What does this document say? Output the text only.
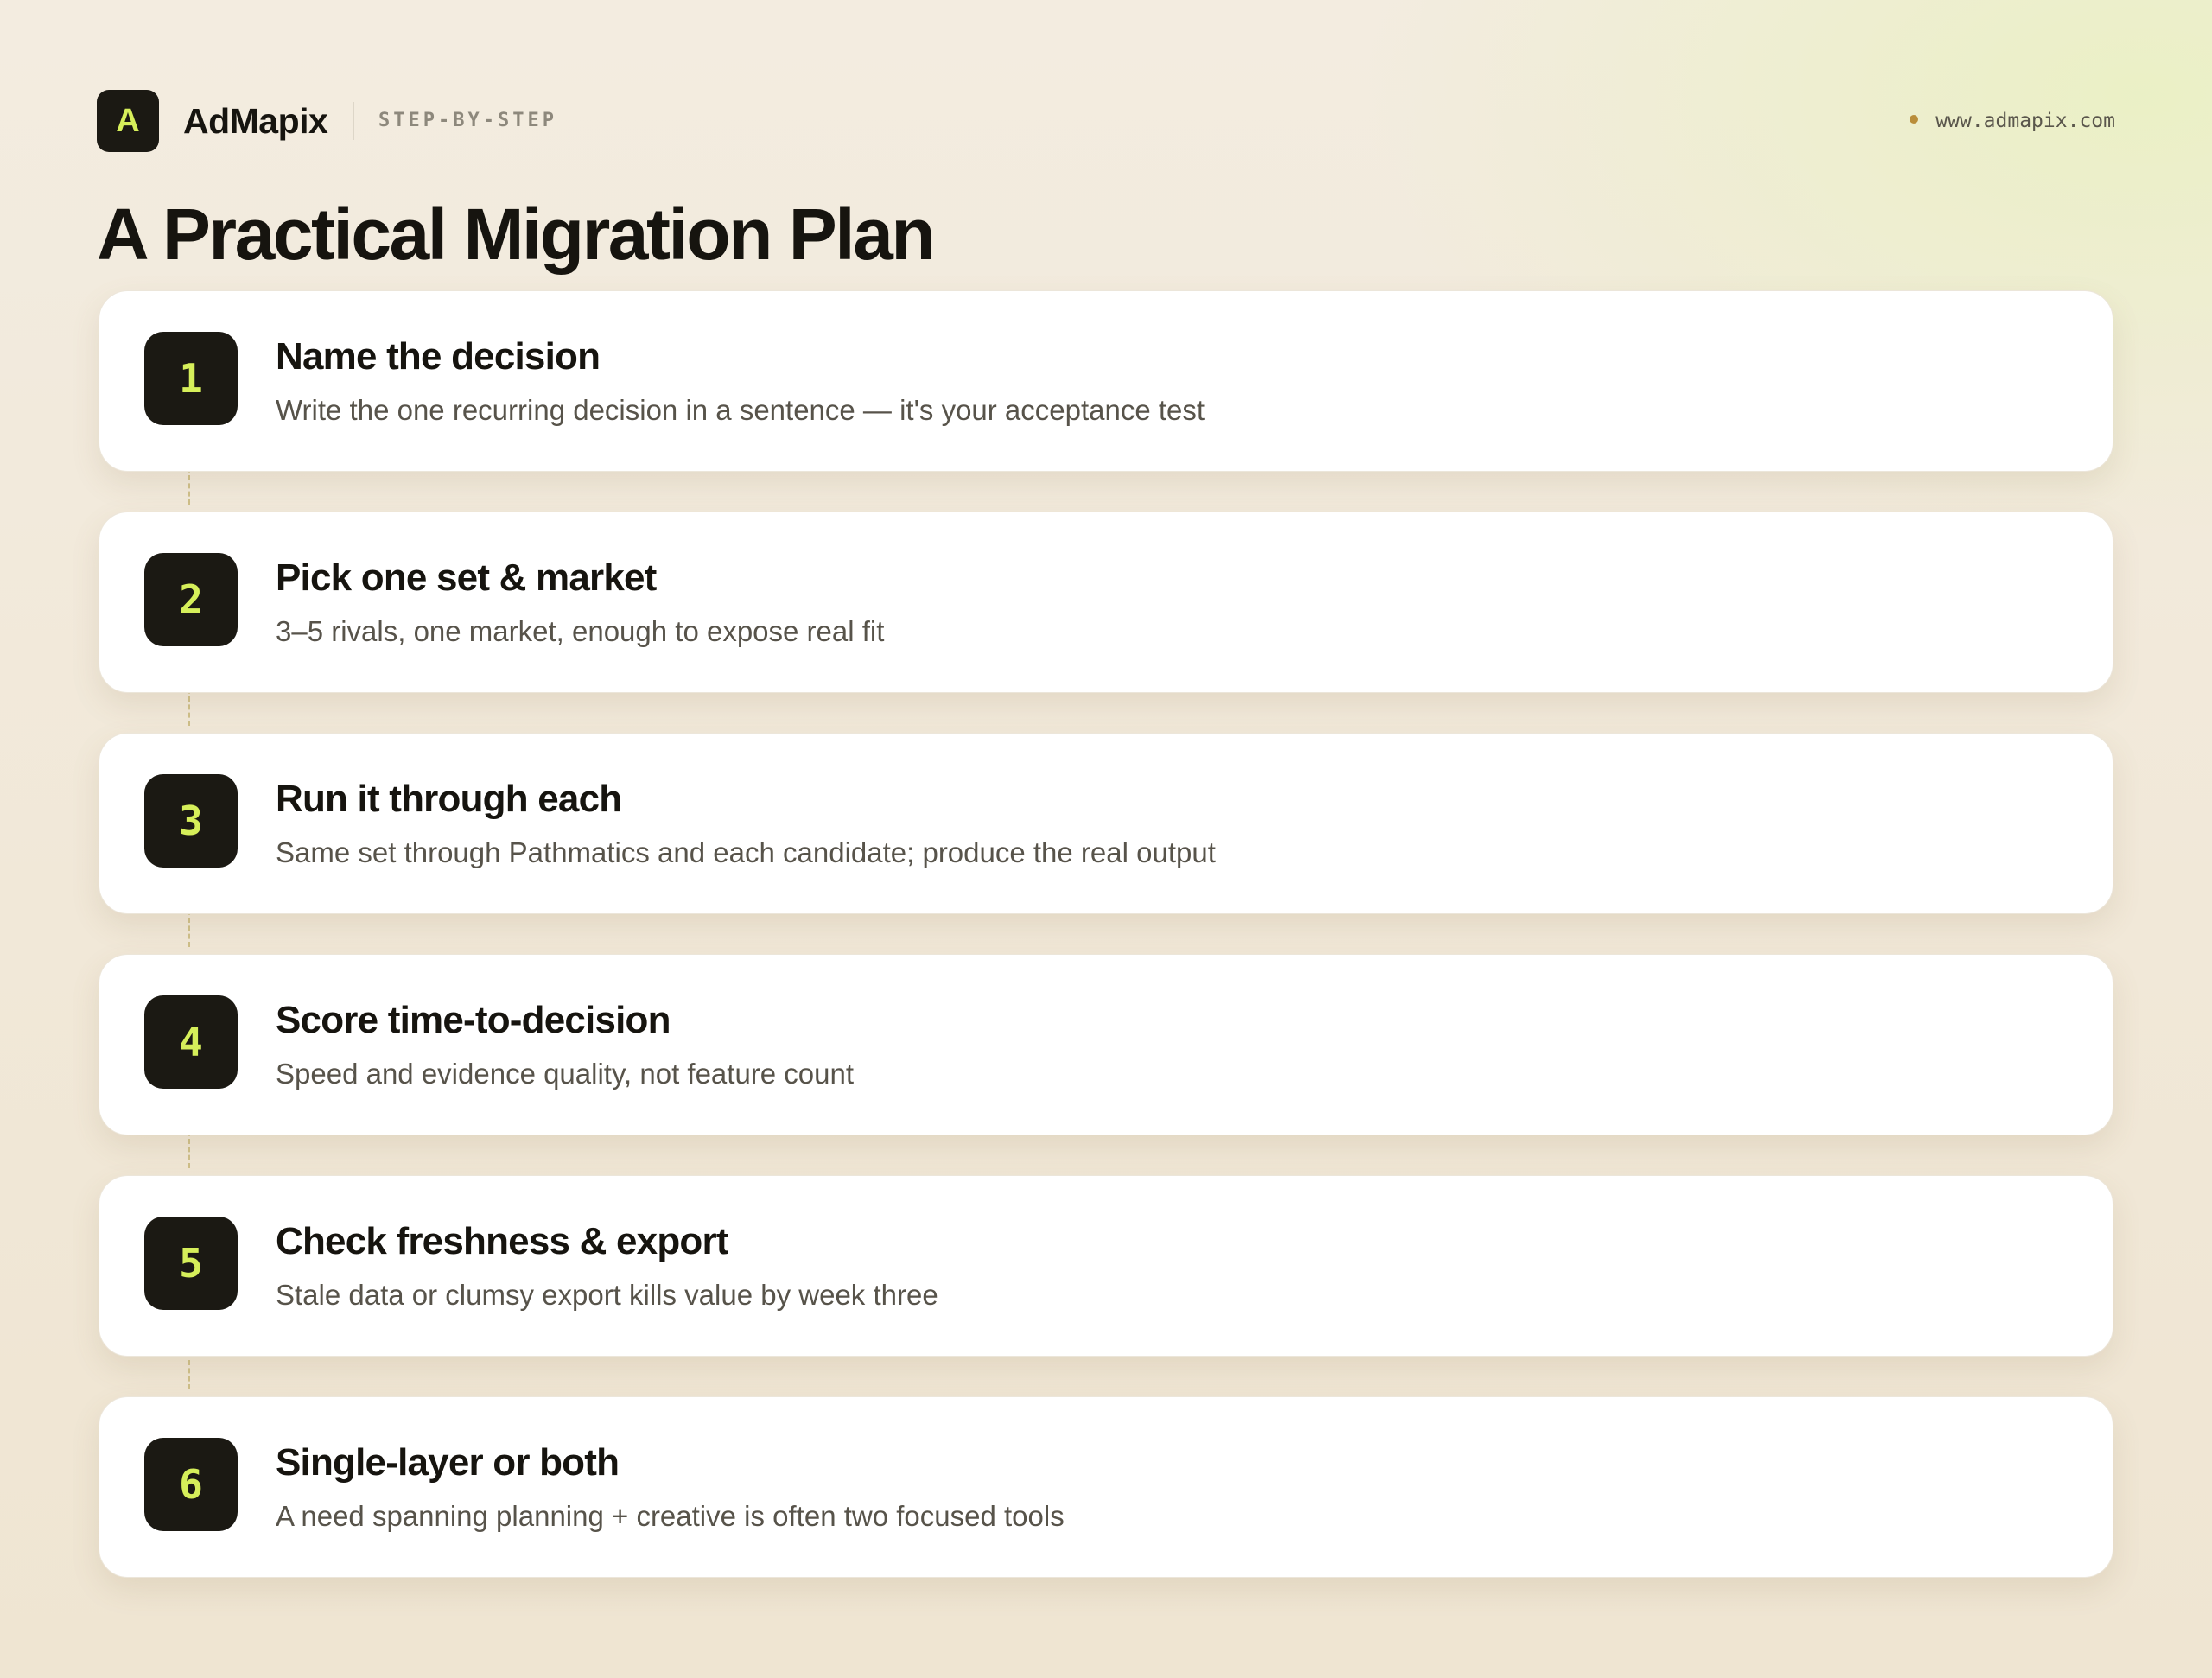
A	AdMapix	STEP-BY-STEP	www.admapix.com
A Practical Migration Plan
1	Name the decision
Write the one recurring decision in a sentence — it's your acceptance test
2	Pick one set & market
3–5 rivals, one market, enough to expose real fit
3	Run it through each
Same set through Pathmatics and each candidate; produce the real output
4	Score time-to-decision
Speed and evidence quality, not feature count
5	Check freshness & export
Stale data or clumsy export kills value by week three
6	Single-layer or both
A need spanning planning + creative is often two focused tools
